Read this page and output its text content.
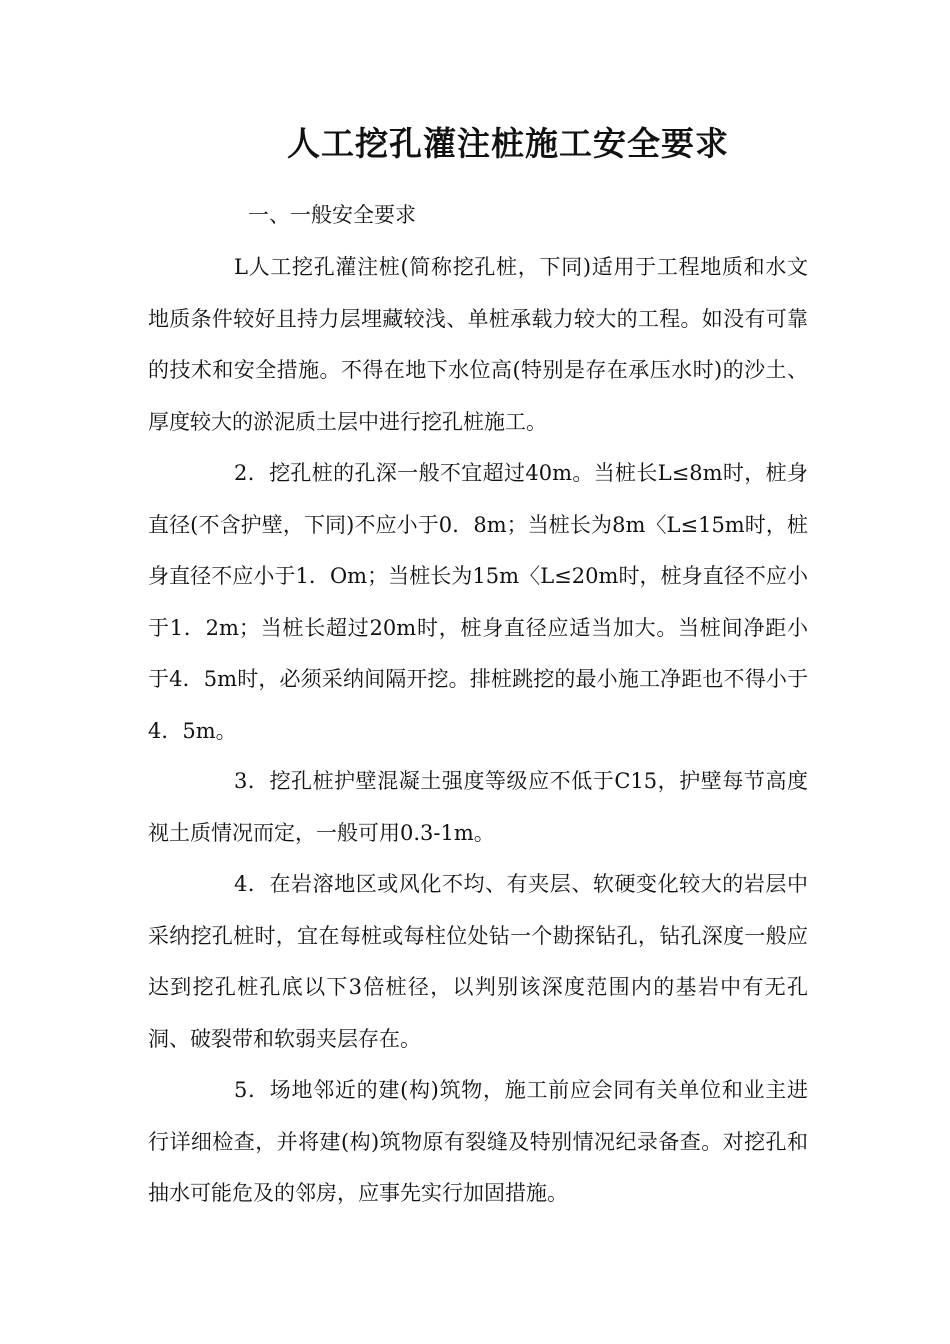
人工挖孔灌注桩施工安全要求

一、一般安全要求

L人工挖孔灌注桩(简称挖孔桩，下同)适用于工程地质和水文地质条件较好且持力层埋藏较浅、单桩承载力较大的工程。如没有可靠的技术和安全措施。不得在地下水位高(特别是存在承压水时)的沙土、厚度较大的淤泥质土层中进行挖孔桩施工。

2．挖孔桩的孔深一般不宜超过40m。当桩长L≤8m时，桩身直径(不含护壁，下同)不应小于0．8m；当桩长为8m〈L≤15m时，桩身直径不应小于1．Om；当桩长为15m〈L≤20m时，桩身直径不应小于1．2m；当桩长超过20m时，桩身直径应适当加大。当桩间净距小于4．5m时，必须采纳间隔开挖。排桩跳挖的最小施工净距也不得小于4．5m。

3．挖孔桩护壁混凝土强度等级应不低于C15，护壁每节高度视土质情况而定，一般可用0.3-1m。

4．在岩溶地区或风化不均、有夹层、软硬变化较大的岩层中采纳挖孔桩时，宜在每桩或每柱位处钻一个勘探钻孔，钻孔深度一般应达到挖孔桩孔底以下3倍桩径，以判别该深度范围内的基岩中有无孔洞、破裂带和软弱夹层存在。

5．场地邻近的建(构)筑物，施工前应会同有关单位和业主进行详细检查，并将建(构)筑物原有裂缝及特别情况纪录备查。对挖孔和抽水可能危及的邻房，应事先实行加固措施。
